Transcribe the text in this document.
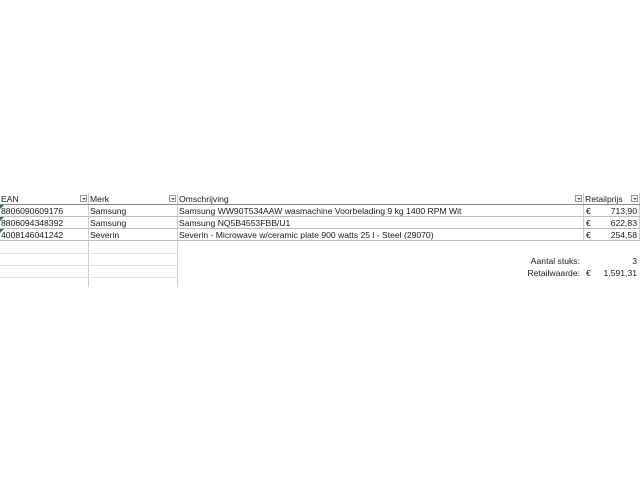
EAN	Merk	Omschrijving	Retailprijs
8806090609176	Samsung	Samsung WW90T534AAW wasmachine Voorbelading 9 kg 1400 RPM Wit	€ 713,90
8806094348392	Samsung	Samsung NQ5B4553FBB/U1	€ 622,83
4008146041242	Severin	Severin - Microwave w/ceramic plate 900 watts 25 l - Steel (29070)	€ 254,58
Aantal stuks:	3
Retailwaarde: € 1.591,31
